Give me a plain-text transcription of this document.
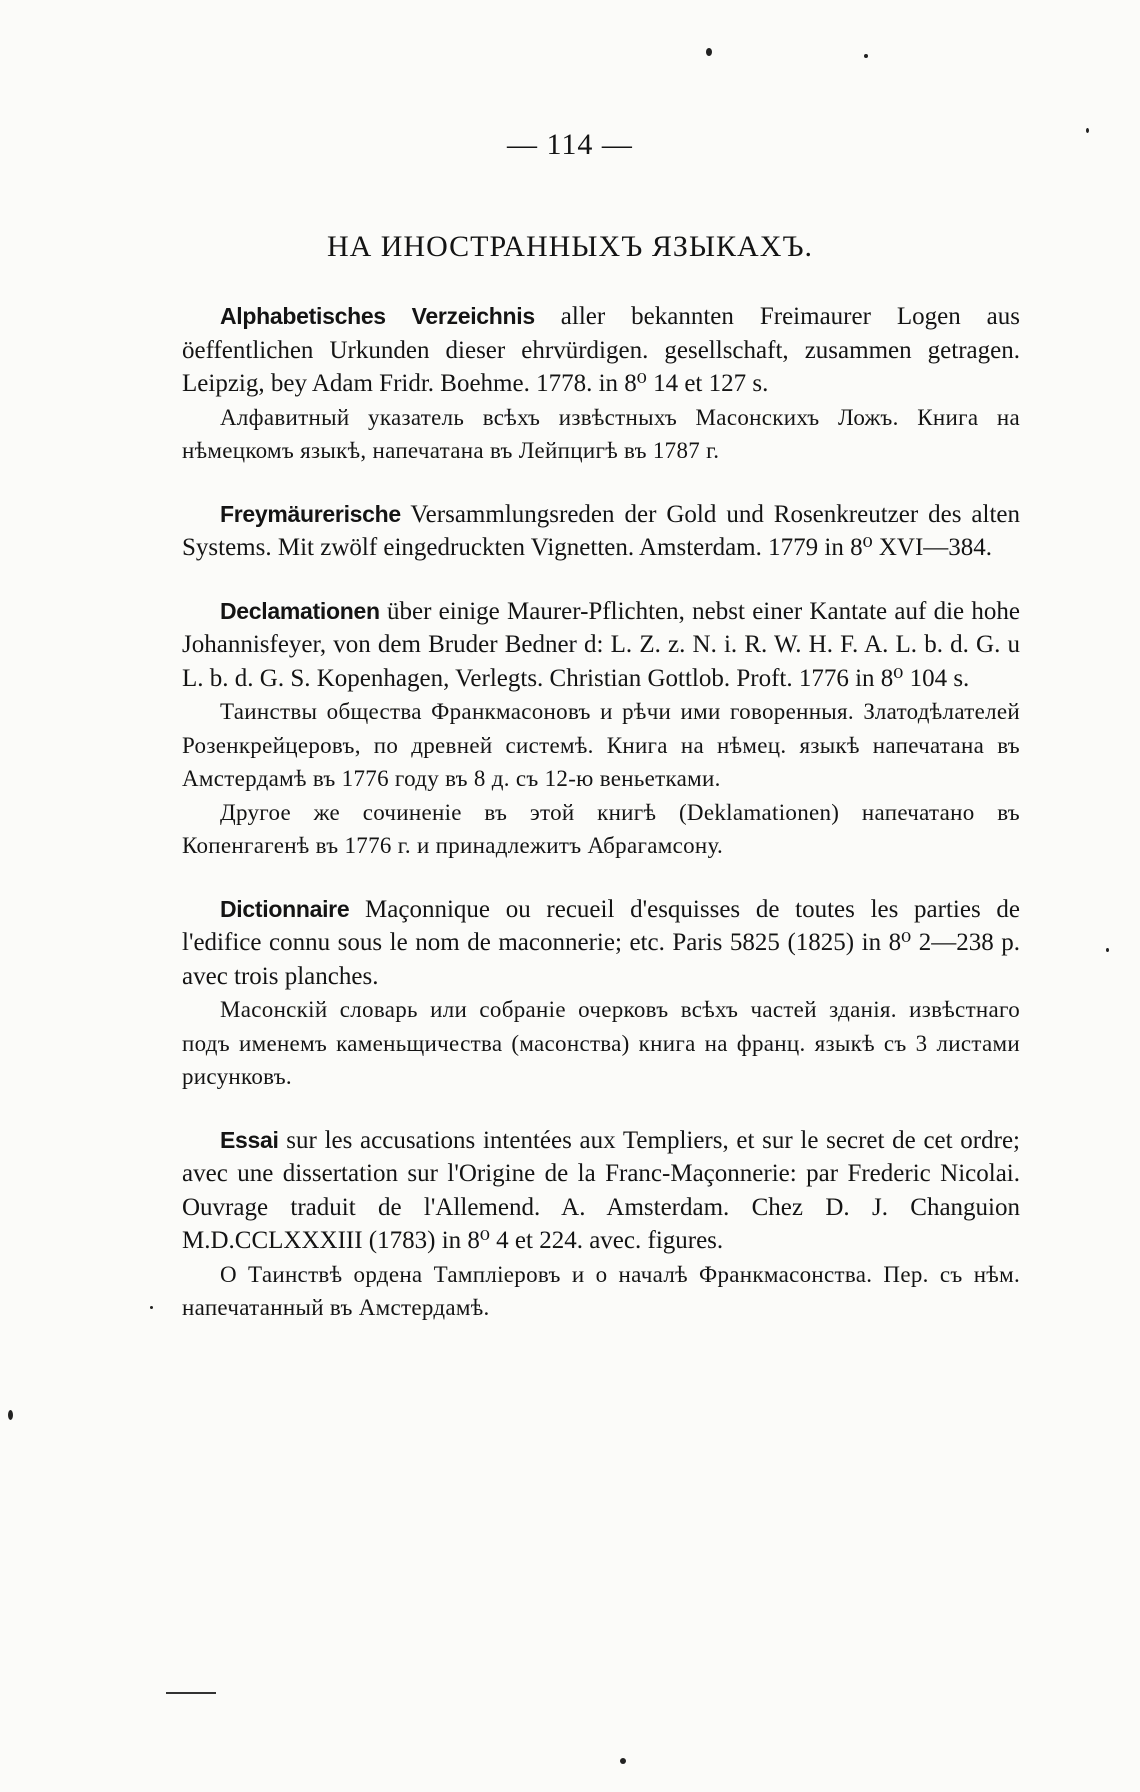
— 114 —
НА ИНОСТРАННЫХЪ ЯЗЫКАХЪ.

Alphabetisches Verzeichnis aller bekannten Freimaurer Logen aus öeffentlichen Urkunden dieser ehrvürdigen. gesellschaft, zusammen getragen. Leipzig, bey Adam Fridr. Boehme. 1778. in 8⁰ 14 et 127 s.

Алфавитный указатель всѣхъ извѣстныхъ Масонскихъ Ложъ. Книга на нѣмецкомъ языкѣ, напечатана въ Лейпцигѣ въ 1787 г.

Freymäurerische Versammlungsreden der Gold und Rosenkreutzer des alten Systems. Mit zwölf eingedruckten Vignetten. Amsterdam. 1779 in 8⁰ XVI—384.

Declamationen über einige Maurer-Pflichten, nebst einer Kantate auf die hohe Johannisfeyer, von dem Bruder Bedner d: L. Z. z. N. i. R. W. H. F. A. L. b. d. G. u L. b. d. G. S. Kopenhagen, Verlegts. Christian Gottlob. Proft. 1776 in 8⁰ 104 s.

Таинствы общества Франкмасоновъ и рѣчи ими говоренныя. Златодѣлателей Розенкрейцеровъ, по древней системѣ. Книга на нѣмец. языкѣ напечатана въ Амстердамѣ въ 1776 году въ 8 д. съ 12-ю веньетками.

Другое же сочиненіе въ этой книгѣ (Deklamationen) напечатано въ Копенгагенѣ въ 1776 г. и принадлежитъ Абрагамсону.

Dictionnaire Maçonnique ou recueil d'esquisses de toutes les parties de l'edifice connu sous le nom de maconnerie; etc. Paris 5825 (1825) in 8⁰ 2—238 p. avec trois planches.

Масонскій словарь или собраніе очерковъ всѣхъ частей зданія. извѣстнаго подъ именемъ каменьщичества (масонства) книга на франц. языкѣ съ 3 листами рисунковъ.

Essai sur les accusations intentées aux Templiers, et sur le secret de cet ordre; avec une dissertation sur l'Origine de la Franc-Maçonnerie: par Frederic Nicolai. Ouvrage traduit de l'Allemend. A. Amsterdam. Chez D. J. Changuion M.D.CCLXXXIII (1783) in 8⁰ 4 et 224. avec. figures.

О Таинствѣ ордена Тампліеровъ и о началѣ Франкмасонства. Пер. съ нѣм. напечатанный въ Амстердамѣ.
